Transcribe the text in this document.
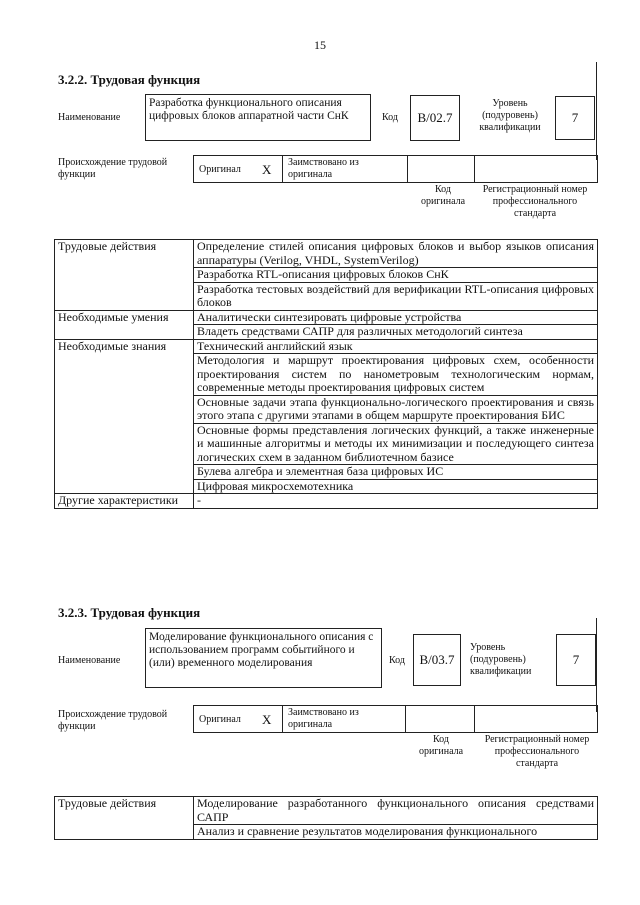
15
3.2.2. Трудовая функция
Наименование
Разработка функционального описания цифровых блоков аппаратной части СнК	Код	B/02.7
Уровень (подуровень) квалификации
7
Происхождение трудовой функции	Оригинал X Заимствовано из оригинала
Код оригинала
Регистрационный номер профессионального стандарта
Трудовые действия	Определение стилей описания цифровых блоков и выбор языков описания аппаратуры (Verilog, VHDL, SystemVerilog)
	Разработка RTL-описания цифровых блоков СнК
	Разработка тестовых воздействий для верификации RTL-описания цифровых блоков
Необходимые умения	Аналитически синтезировать цифровые устройства
	Владеть средствами САПР для различных методологий синтеза
Необходимые знания	Технический английский язык
	Методология и маршрут проектирования цифровых схем, особенности проектирования систем по нанометровым технологическим нормам, современные методы проектирования цифровых систем
	Основные задачи этапа функционально-логического проектирования и связь этого этапа с другими этапами в общем маршруте проектирования БИС
	Основные формы представления логических функций, а также инженерные и машинные алгоритмы и методы их минимизации и последующего синтеза логических схем в заданном библиотечном базисе
	Булева алгебра и элементная база цифровых ИС
	Цифровая микросхемотехника
Другие характеристики	-
3.2.3. Трудовая функция
Наименование
Моделирование функционального описания с использованием программ событийного и (или) временного моделирования	Код	B/03.7
Уровень (подуровень) квалификации
7
Происхождение трудовой функции
Оригинал X Заимствовано из оригинала
Код оригинала
Регистрационный номер профессионального стандарта
Трудовые действия	Моделирование разработанного функционального описания средствами САПР
Анализ и сравнение результатов моделирования функционального
